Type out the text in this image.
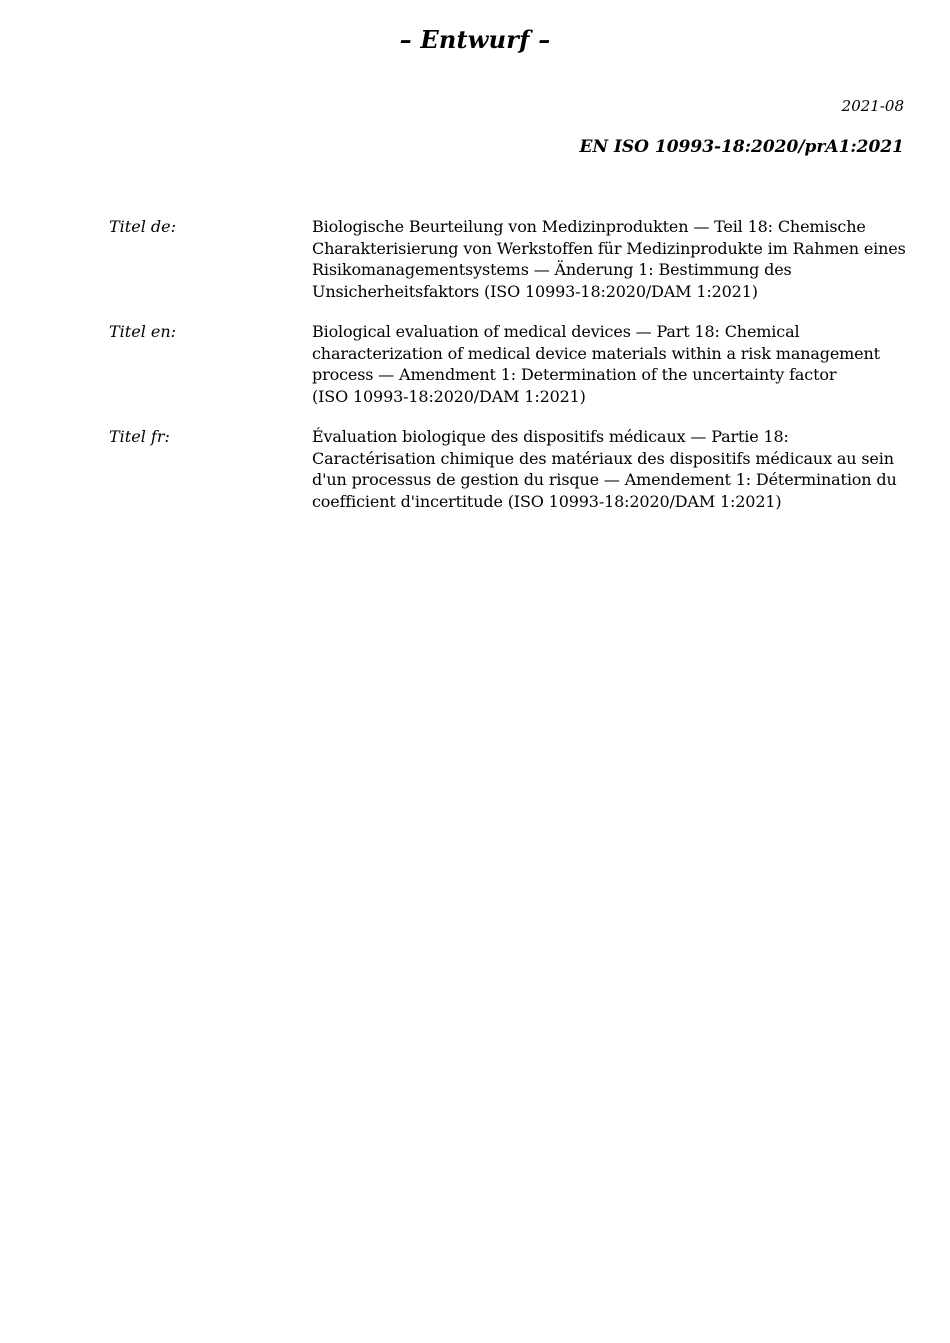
– Entwurf –
2021-08
EN ISO 10993-18:2020/prA1:2021
Titel de:	Biologische Beurteilung von Medizinprodukten — Teil 18: Chemische
Charakterisierung von Werkstoffen für Medizinprodukte im Rahmen eines
Risikomanagementsystems — Änderung 1: Bestimmung des
Unsicherheitsfaktors (ISO 10993-18:2020/DAM 1:2021)
Titel en:	Biological evaluation of medical devices — Part 18: Chemical
characterization of medical device materials within a risk management
process — Amendment 1: Determination of the uncertainty factor
(ISO 10993-18:2020/DAM 1:2021)
Titel fr:	Évaluation biologique des dispositifs médicaux — Partie 18:
Caractérisation chimique des matériaux des dispositifs médicaux au sein
d'un processus de gestion du risque — Amendement 1: Détermination du
coefficient d'incertitude (ISO 10993-18:2020/DAM 1:2021)
